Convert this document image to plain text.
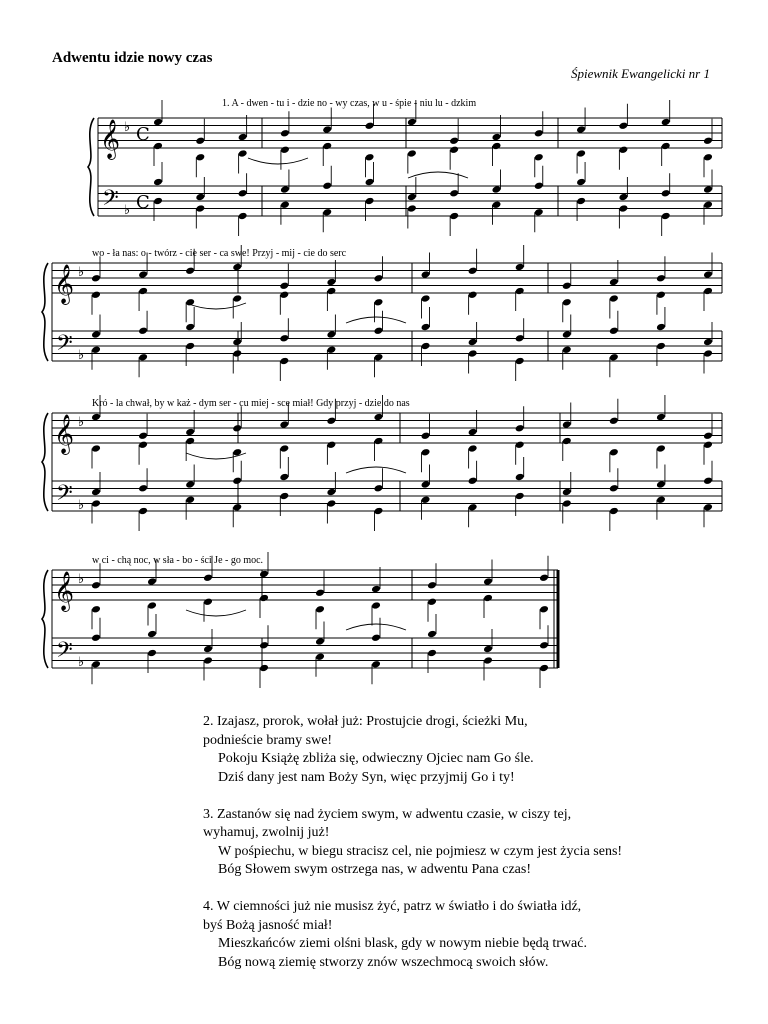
Adwentu idzie nowy czas
Śpiewnik Ewangelicki nr 1
1. A - dwen - tu i - dzie no - wy czas, w u - śpie - niu lu - dzkim
wo - ła nas: o - twórz - cie ser - ca swe! Przyj - mij - cie do serc
Kró - la chwał, by w każ - dym ser - cu miej - sce miał! Gdy przyj - dzie do nas
w ci - chą noc, w sła - bo - ści Je - go moc.
𝄞
𝄢
♭
♭
C
C
𝄞
𝄢
♭
♭
𝄞
𝄢
♭
♭
𝄞
𝄢
♭
♭
2. Izajasz, prorok, wołał już: Prostujcie drogi, ścieżki Mu,
podnieście bramy swe!
Pokoju Książę zbliża się, odwieczny Ojciec nam Go śle.
Dziś dany jest nam Boży Syn, więc przyjmij Go i ty!
3. Zastanów się nad życiem swym, w adwentu czasie, w ciszy tej,
wyhamuj, zwolnij już!
W pośpiechu, w biegu stracisz cel, nie pojmiesz w czym jest życia sens!
Bóg Słowem swym ostrzega nas, w adwentu Pana czas!
4. W ciemności już nie musisz żyć, patrz w światło i do światła idź,
byś Bożą jasność miał!
Mieszkańców ziemi olśni blask, gdy w nowym niebie będą trwać.
Bóg nową ziemię stworzy znów wszechmocą swoich słów.
